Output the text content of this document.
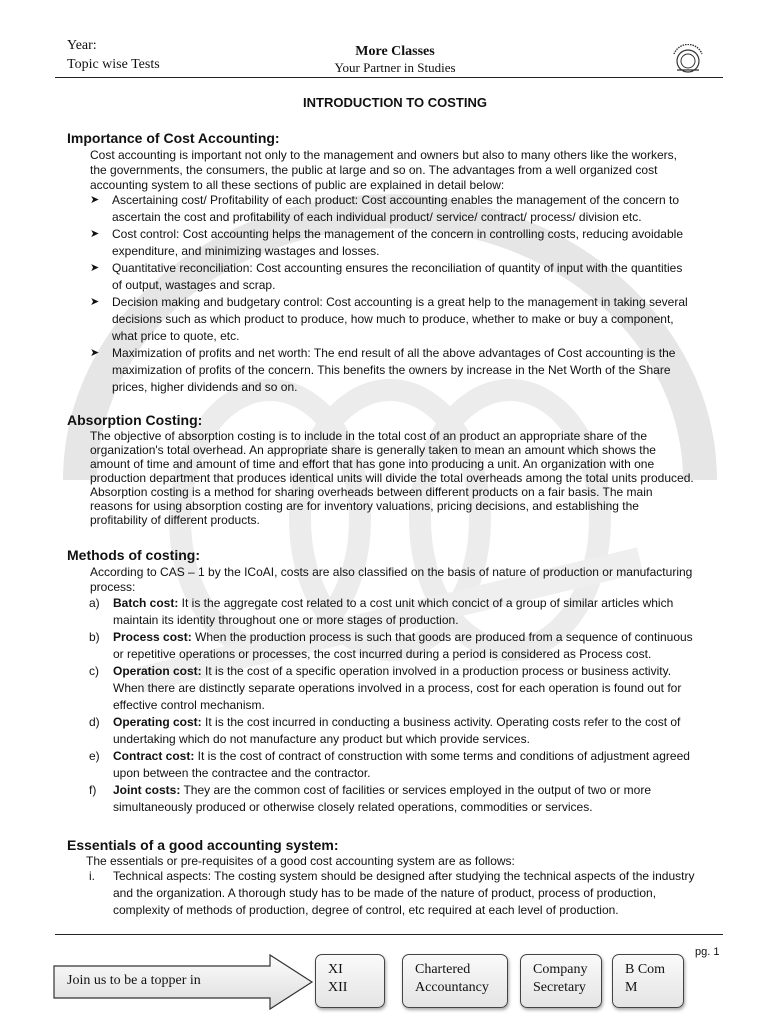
Year:
Topic wise Tests
More Classes
Your Partner in Studies
INTRODUCTION TO COSTING
Importance of Cost Accounting:

Cost accounting is important not only to the management and owners but also to many others like the workers,

the governments, the consumers, the public at large and so on. The advantages from a well organized cost

accounting system to all these sections of public are explained in detail below:

➤ Ascertaining cost/ Profitability of each product: Cost accounting enables the management of the concern to
ascertain the cost and profitability of each individual product/ service/ contract/ process/ division etc.
➤ Cost control: Cost accounting helps the management of the concern in controlling costs, reducing avoidable
expenditure, and minimizing wastages and losses.
➤ Quantitative reconciliation: Cost accounting ensures the reconciliation of quantity of input with the quantities
of output, wastages and scrap.
➤ Decision making and budgetary control: Cost accounting is a great help to the management in taking several
decisions such as which product to produce, how much to produce, whether to make or buy a component,
what price to quote, etc.
➤ Maximization of profits and net worth: The end result of all the above advantages of Cost accounting is the
maximization of profits of the concern. This benefits the owners by increase in the Net Worth of the Share
prices, higher dividends and so on.
Absorption Costing:

The objective of absorption costing is to include in the total cost of an product an appropriate share of the

organization's total overhead. An appropriate share is generally taken to mean an amount which shows the

amount of time and amount of time and effort that has gone into producing a unit. An organization with one

production department that produces identical units will divide the total overheads among the total units produced.

Absorption costing is a method for sharing overheads between different products on a fair basis. The main

reasons for using absorption costing are for inventory valuations, pricing decisions, and establishing the

profitability of different products.

Methods of costing:

According to CAS – 1 by the ICoAI, costs are also classified on the basis of nature of production or manufacturing

process:

a) Batch cost: It is the aggregate cost related to a cost unit which concict of a group of similar articles which
maintain its identity throughout one or more stages of production.
b) Process cost: When the production process is such that goods are produced from a sequence of continuous
or repetitive operations or processes, the cost incurred during a period is considered as Process cost.
c) Operation cost: It is the cost of a specific operation involved in a production process or business activity.
When there are distinctly separate operations involved in a process, cost for each operation is found out for
effective control mechanism.
d) Operating cost: It is the cost incurred in conducting a business activity. Operating costs refer to the cost of
undertaking which do not manufacture any product but which provide services.
e) Contract cost: It is the cost of contract of construction with some terms and conditions of adjustment agreed
upon between the contractee and the contractor.
f) Joint costs: They are the common cost of facilities or services employed in the output of two or more
simultaneously produced or otherwise closely related operations, commodities or services.
Essentials of a good accounting system:
The essentials or pre-requisites of a good cost accounting system are as follows:
i. Technical aspects: The costing system should be designed after studying the technical aspects of the industry
and the organization. A thorough study has to be made of the nature of product, process of production,
complexity of methods of production, degree of control, etc required at each level of production.
pg. 1
Join us to be a topper in
XI
XII
Chartered
Accountancy
Company
Secretary
B Com
M
